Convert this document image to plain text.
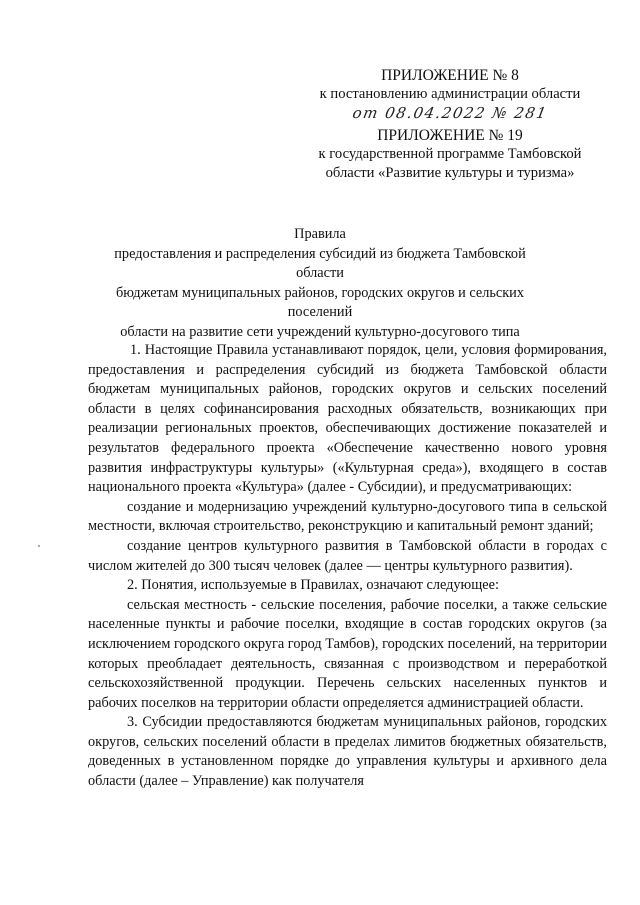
ПРИЛОЖЕНИЕ № 8
к постановлению администрации области
от 08.04.2022 № 281
ПРИЛОЖЕНИЕ № 19
к государственной программе Тамбовской
области «Развитие культуры и туризма»
Правила
предоставления и распределения субсидий из бюджета Тамбовской области
бюджетам муниципальных районов, городских округов и сельских поселений
области на развитие сети учреждений культурно-досугового типа

1. Настоящие Правила устанавливают порядок, цели, условия формирования, предоставления и распределения субсидий из бюджета Тамбовской области бюджетам муниципальных районов, городских округов и сельских поселений области в целях софинансирования расходных обязательств, возникающих при реализации региональных проектов, обеспечивающих достижение показателей и результатов федерального проекта «Обеспечение качественно нового уровня развития инфраструктуры культуры» («Культурная среда»), входящего в состав национального проекта «Культура» (далее - Субсидии), и предусматривающих:

создание и модернизацию учреждений культурно-досугового типа в сельской местности, включая строительство, реконструкцию и капитальный ремонт зданий;

создание центров культурного развития в Тамбовской области в городах с числом жителей до 300 тысяч человек (далее — центры культурного развития).

2. Понятия, используемые в Правилах, означают следующее:

сельская местность - сельские поселения, рабочие поселки, а также сельские населенные пункты и рабочие поселки, входящие в состав городских округов (за исключением городского округа город Тамбов), городских поселений, на территории которых преобладает деятельность, связанная с производством и переработкой сельскохозяйственной продукции. Перечень сельских населенных пунктов и рабочих поселков на территории области определяется администрацией области.

3. Субсидии предоставляются бюджетам муниципальных районов, городских округов, сельских поселений области в пределах лимитов бюджетных обязательств, доведенных в установленном порядке до управления культуры и архивного дела области (далее – Управление) как получателя
